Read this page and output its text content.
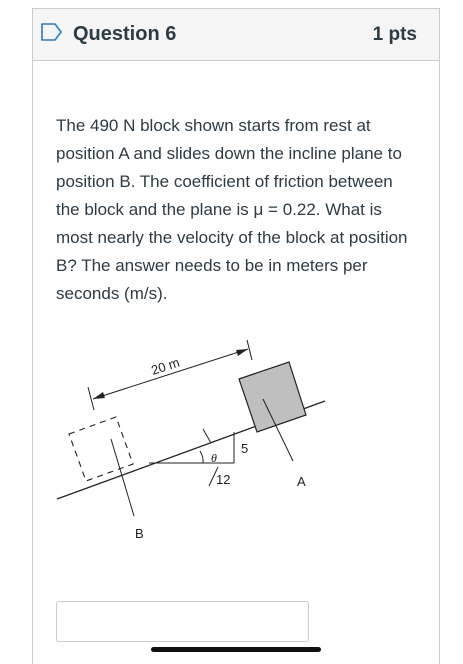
Question 6	1 pts

The 490 N block shown starts from rest at position A and slides down the incline plane to position B. The coefficient of friction between the block and the plane is μ = 0.22. What is most nearly the velocity of the block at position B? The answer needs to be in meters per seconds (m/s).

20 m
θ
12
5
A
B
